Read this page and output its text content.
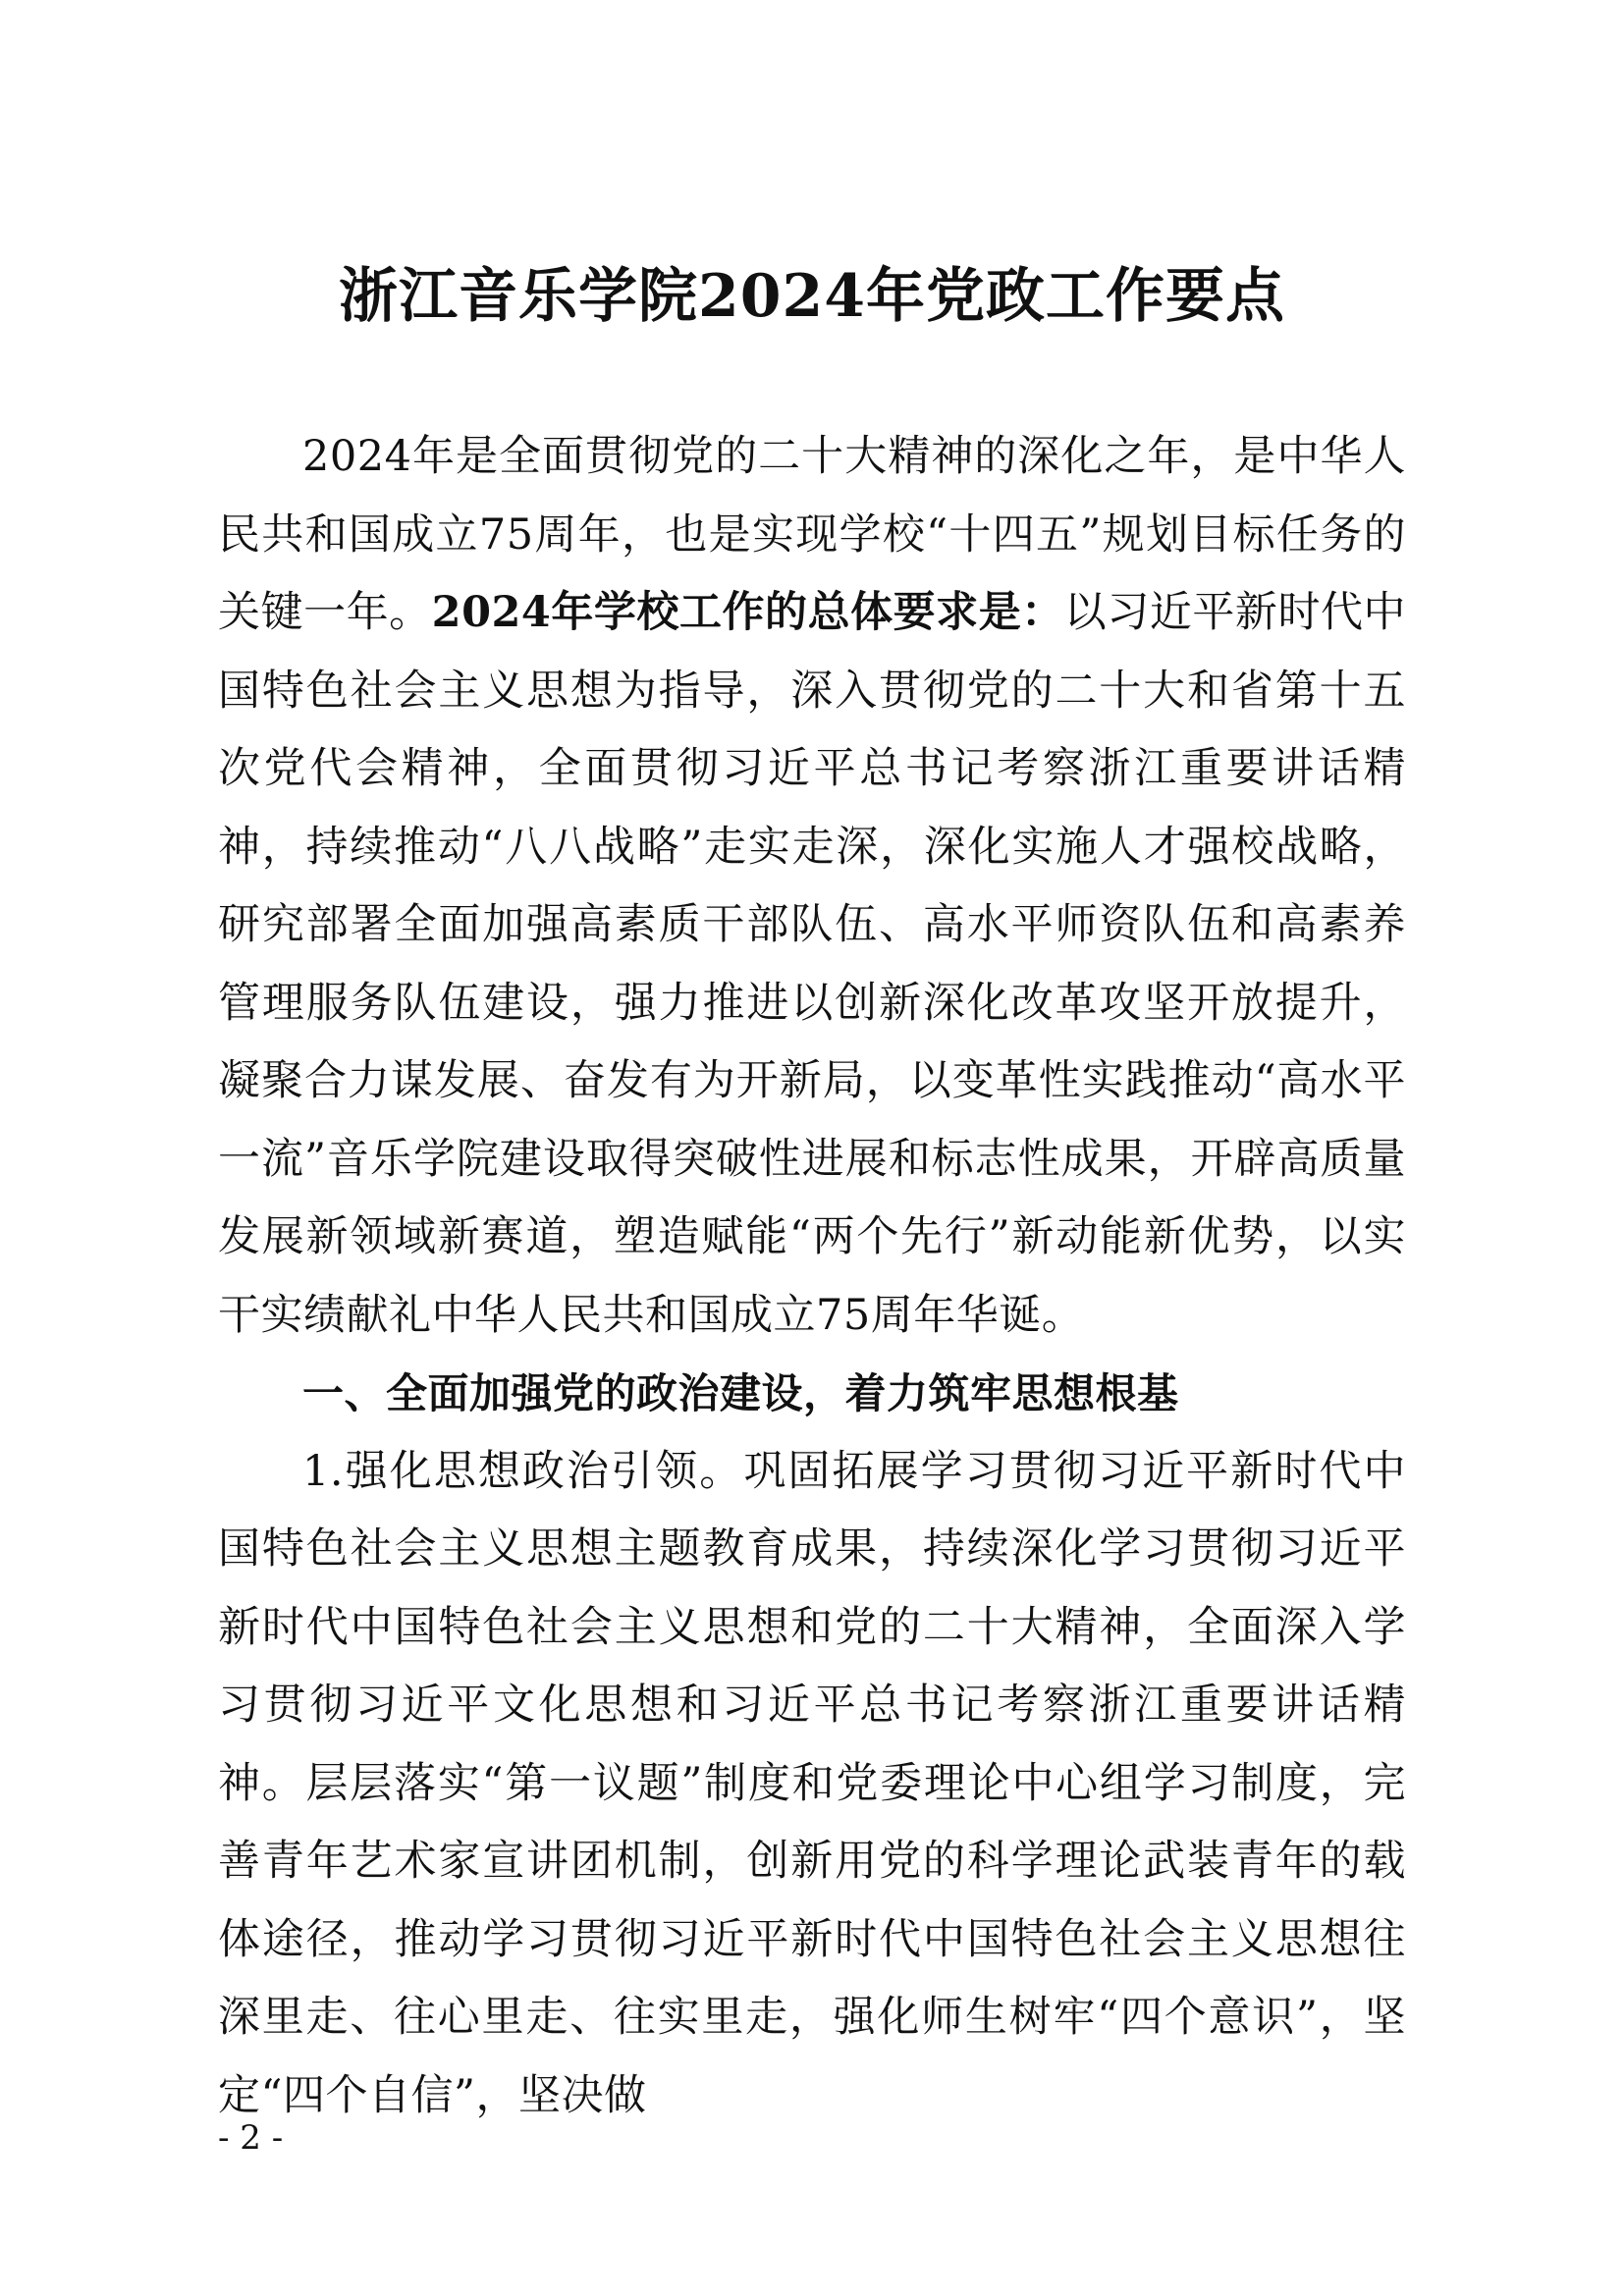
浙江音乐学院2024年党政工作要点

2024年是全面贯彻党的二十大精神的深化之年，是中华人民共和国成立75周年，也是实现学校“十四五”规划目标任务的关键一年。2024年学校工作的总体要求是：以习近平新时代中国特色社会主义思想为指导，深入贯彻党的二十大和省第十五次党代会精神，全面贯彻习近平总书记考察浙江重要讲话精神，持续推动“八八战略”走实走深，深化实施人才强校战略，研究部署全面加强高素质干部队伍、高水平师资队伍和高素养管理服务队伍建设，强力推进以创新深化改革攻坚开放提升，凝聚合力谋发展、奋发有为开新局，以变革性实践推动“高水平一流”音乐学院建设取得突破性进展和标志性成果，开辟高质量发展新领域新赛道，塑造赋能“两个先行”新动能新优势，以实干实绩献礼中华人民共和国成立75周年华诞。

一、全面加强党的政治建设，着力筑牢思想根基

1.强化思想政治引领。巩固拓展学习贯彻习近平新时代中国特色社会主义思想主题教育成果，持续深化学习贯彻习近平新时代中国特色社会主义思想和党的二十大精神，全面深入学习贯彻习近平文化思想和习近平总书记考察浙江重要讲话精神。层层落实“第一议题”制度和党委理论中心组学习制度，完善青年艺术家宣讲团机制，创新用党的科学理论武装青年的载体途径，推动学习贯彻习近平新时代中国特色社会主义思想往深里走、往心里走、往实里走，强化师生树牢“四个意识”，坚定“四个自信”，坚决做

- 2 -
